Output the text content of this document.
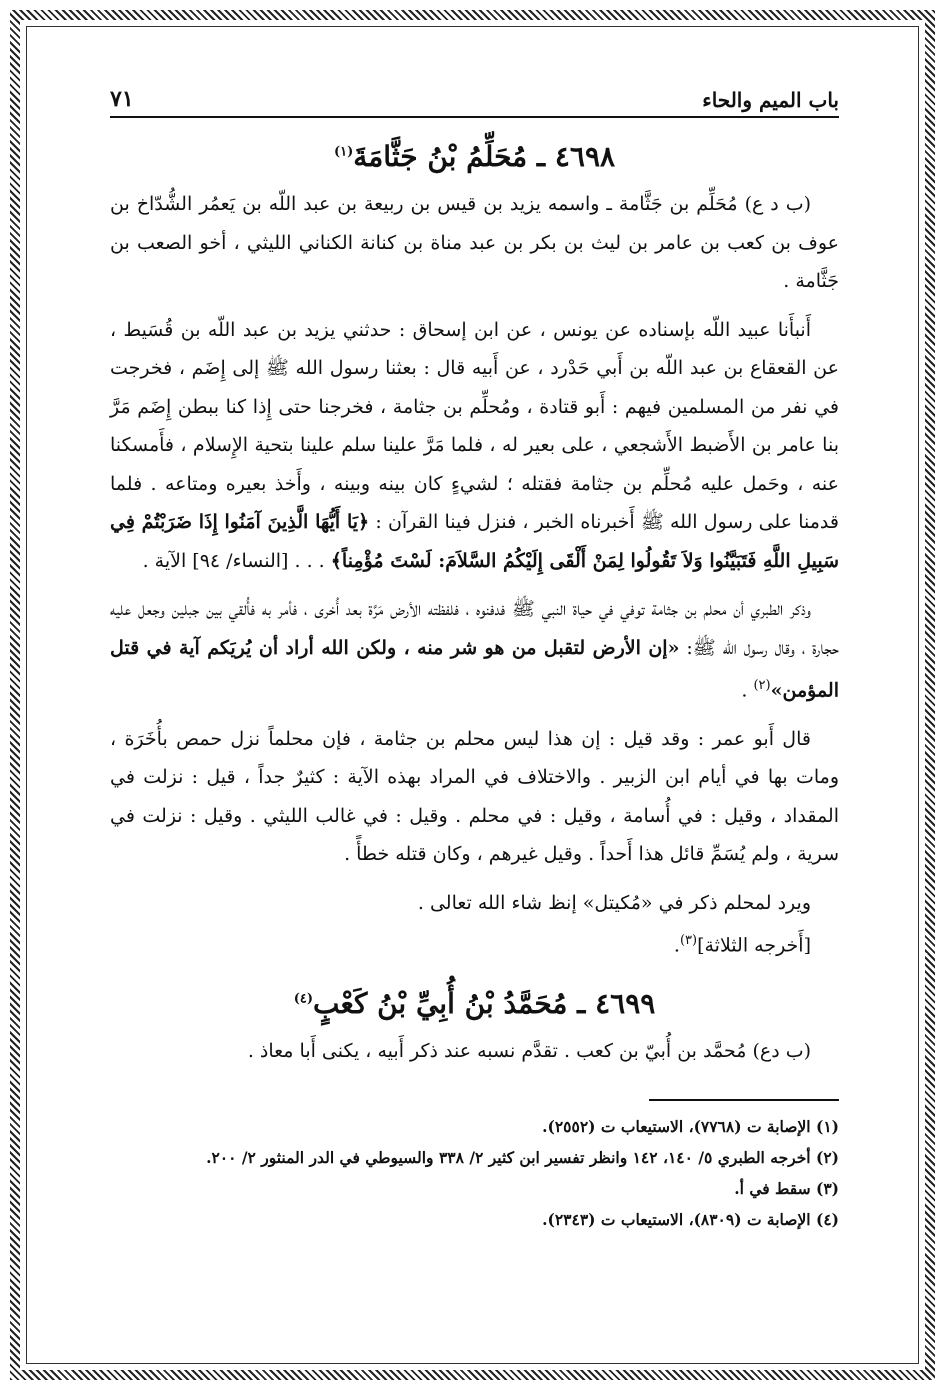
باب الميم والحاء
٧١
٤٦٩٨ ـ مُحَلِّمُ بْنُ جَثَّامَةَ$^{(١)}$

(ب د ع) مُحَلِّم بن جَثَّامة ـ واسمه يزيد بن قيس بن ربيعة بن عبد اللّه بن يَعمُر الشُّدّاخ بن عوف بن كعب بن عامر بن ليث بن بكر بن عبد مناة بن كنانة الكناني الليثي ، أخو الصعب بن جَثَّامة .

أَنبأَنا عبيد اللّه بإسناده عن يونس ، عن ابن إسحاق : حدثني يزيد بن عبد اللّه بن قُسَيط ، عن القعقاع بن عبد اللّه بن أَبي حَدْرد ، عن أَبيه قال : بعثنا رسول الله ﷺ إلى إِضَم ، فخرجت في نفر من المسلمين فيهم : أَبو قتادة ، ومُحلِّم بن جثامة ، فخرجنا حتى إِذا كنا ببطن إِضَم مَرَّ بنا عامر بن الأَضبط الأَشجعي ، على بعير له ، فلما مَرَّ علينا سلم علينا بتحية الإِسلام ، فأَمسكنا عنه ، وحَمل عليه مُحلِّم بن جثامة فقتله ؛ لشيءٍ كان بينه وبينه ، وأَخذ بعيره ومتاعه . فلما قدمنا على رسول الله ﷺ أَخبرناه الخبر ، فنزل فينا القرآن : ﴿يَا أَيُّهَا الَّذِينَ آمَنُوا إِذَا ضَرَبْتُمْ فِي سَبِيلِ اللَّهِ فَتَبَيَّنُوا وَلاَ تَقُولُوا لِمَنْ أَلْقَى إِلَيْكُمُ السَّلاَمَ: لَسْتَ مُؤْمِناً﴾ . . . [النساء/ ٩٤] الآية .

وذكر الطبري أن محلم بن جثامة توفي في حياة النبي ﷺ فدفنوه ، فلفظته الأرض مَرَّة بعد أُخرى ، فأمر به فأُلقي بين جبلين وجعل عليه حجارة ، وقال رسول الله ﷺ: «إن الأرض لتقبل من هو شر منه ، ولكن الله أراد أن يُريَكم آية في قتل المؤمن»$^{(٢)}$ .

قال أَبو عمر : وقد قيل : إن هذا ليس محلم بن جثامة ، فإن محلماً نزل حمص بأُخَرَة ، ومات بها في أيام ابن الزبير . والاختلاف في المراد بهذه الآية : كثيرٌ جداً ، قيل : نزلت في المقداد ، وقيل : في أُسامة ، وقيل : في محلم . وقيل : في غالب الليثي . وقيل : نزلت في سرية ، ولم يُسَمِّ قائل هذا أَحداً . وقيل غيرهم ، وكان قتله خطأً .

ويرد لمحلم ذكر في «مُكيتل» إنظ شاء الله تعالى .

[أَخرجه الثلاثة]$^{(٣)}$.

٤٦٩٩ ـ مُحَمَّدُ بْنُ أُبِيِّ بْنُ كَعْبٍ$^{(٤)}$

(ب دع) مُحمَّد بن أُبيّ بن كعب . تقدَّم نسبه عند ذكر أَبيه ، يكنى أَبا معاذ .

(١) الإصابة ت (٧٧٦٨)، الاستيعاب ت (٢٥٥٢).

(٢) أخرجه الطبري ٥/ ١٤٠، ١٤٢ وانظر تفسير ابن كثير ٢/ ٣٣٨ والسيوطي في الدر المنثور ٢/ ٢٠٠.

(٣) سقط في أ.

(٤) الإصابة ت (٨٣٠٩)، الاستيعاب ت (٢٣٤٣).
